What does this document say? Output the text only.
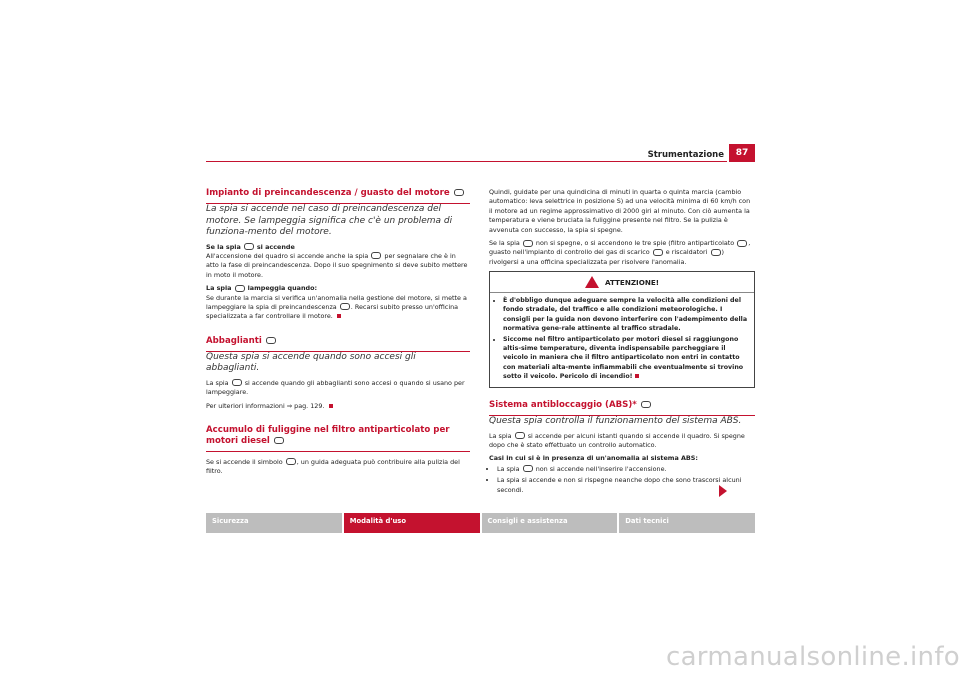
Strumentazione	87

Impianto di preincandescenza / guasto del motore

La spia si accende nel caso di preincandescenza del motore. Se lampeggia significa che c'è un problema di funziona-mento del motore.

Se la spia	si accende
All'accensione del quadro si accende anche la spia	per segnalare che è in atto la fase di preincandescenza. Dopo il suo spegnimento si deve subito mettere in moto il motore.

La spia	lampeggia quando:
Se durante la marcia si verifica un'anomalia nella gestione del motore, si mette a lampeggiare la spia di preincandescenza . Recarsi subito presso un'officina specializzata a far controllare il motore.

Abbaglianti

Questa spia si accende quando sono accesi gli abbaglianti.

La spia	si accende quando gli abbaglianti sono accesi o quando si usano per lampeggiare.

Per ulteriori informazioni ⇒ pag. 129.

Accumulo di fuliggine nel filtro antiparticolato per motori diesel

Se si accende il simbolo , un guida adeguata può contribuire alla pulizia del filtro.

Quindi, guidate per una quindicina di minuti in quarta o quinta marcia (cambio automatico: leva selettrice in posizione S) ad una velocità minima di 60 km/h con il motore ad un regime approssimativo di 2000 giri al minuto. Con ciò aumenta la temperatura e viene bruciata la fuliggine presente nel filtro. Se la pulizia è avvenuta con successo, la spia si spegne.

Se la spia	non si spegne, o si accendono le tre spie (filtro antiparticolato , guasto nell'impianto di controllo dei gas di scarico	e riscaldatori ) rivolgersi a una officina specializzata per risolvere l'anomalia.

ATTENZIONE!
• È d'obbligo dunque adeguare sempre la velocità alle condizioni del fondo stradale, del traffico e alle condizioni meteorologiche. I consigli per la guida non devono interferire con l'adempimento della normativa gene-rale attinente al traffico stradale.
• Siccome nel filtro antiparticolato per motori diesel si raggiungono altis-sime temperature, diventa indispensabile parcheggiare il veicolo in maniera che il filtro antiparticolato non entri in contatto con materiali alta-mente infiammabili che eventualmente si trovino sotto il veicolo. Pericolo di incendio!

Sistema antibloccaggio (ABS)*

Questa spia controlla il funzionamento del sistema ABS.

La spia	si accende per alcuni istanti quando si accende il quadro. Si spegne dopo che è stato effettuato un controllo automatico.

Casi in cui si è in presenza di un'anomalia al sistema ABS:

• La spia	non si accende nell'inserire l'accensione.
• La spia si accende e non si rispegne neanche dopo che sono trascorsi alcuni secondi.
Sicurezza	Modalità d'uso	Consigli e assistenza	Dati tecnici
carmanualsonline.info
